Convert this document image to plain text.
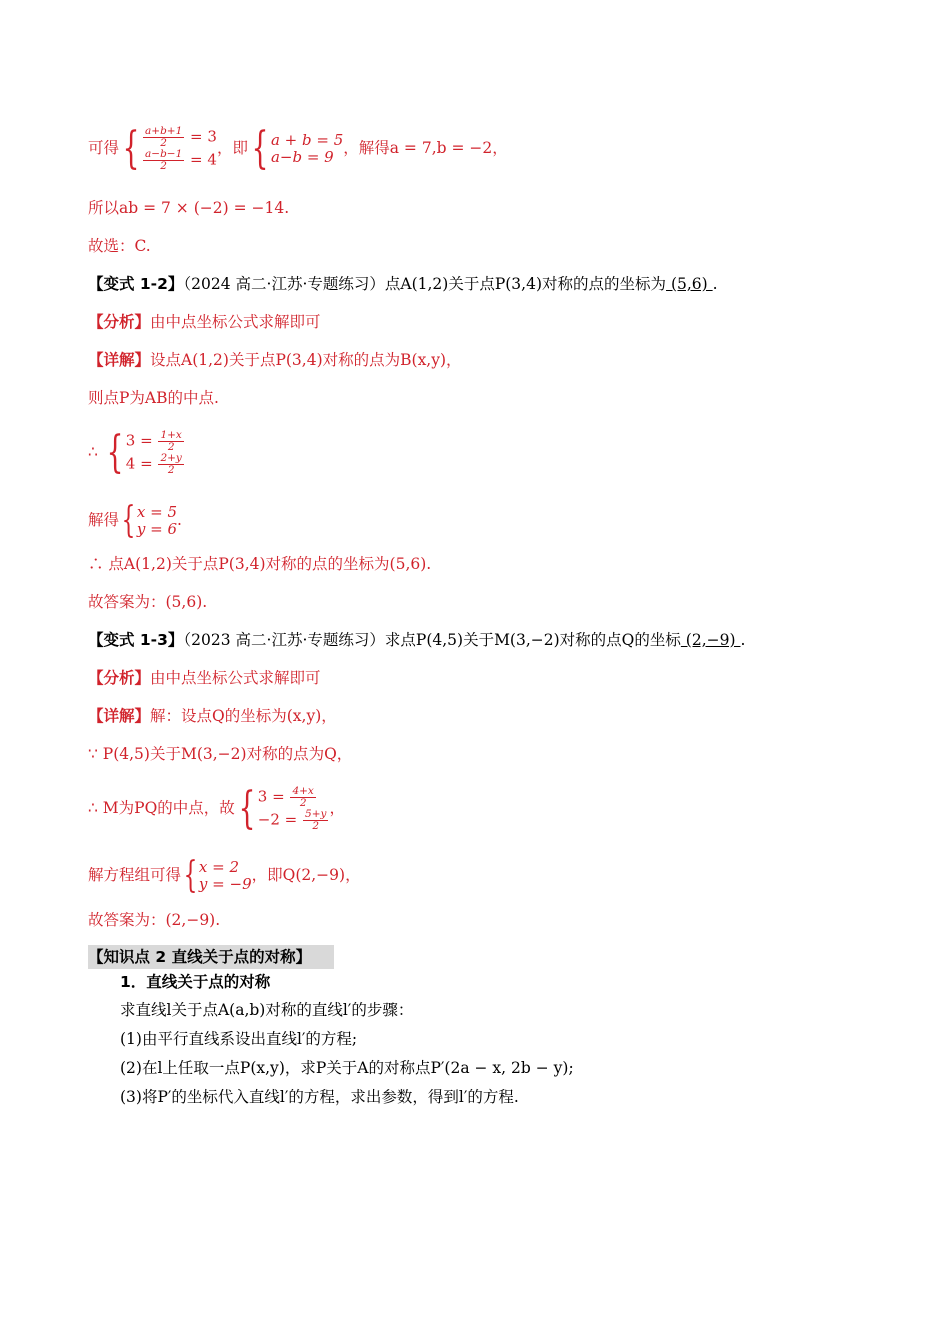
可得{ $\frac{a+b+1}{2} = 3$
$\frac{a-b-1}{2} = 4$
，即{ a + b = 5
a−b = 9 ，解得a = 7,b = −2，
所以ab = 7 × (−2) = −14.
故选：C.
【变式 1-2】（2024 高二·江苏·专题练习）点A(1,2)关于点P(3,4)对称的点的坐标为 (5,6) .
【分析】由中点坐标公式求解即可
【详解】设点A(1,2)关于点P(3,4)对称的点为B(x,y)，
则点P为AB的中点.
∴ { $3 = \frac{1+x}{2}$
$4 = \frac{2+y}{2}$
解得{ x = 5
y = 6 .
∴ 点A(1,2)关于点P(3,4)对称的点的坐标为(5,6).
故答案为：(5,6).
【变式 1-3】（2023 高二·江苏·专题练习）求点P(4,5)关于M(3,−2)对称的点Q的坐标 (2,−9) .
【分析】由中点坐标公式求解即可
【详解】解：设点Q的坐标为(x,y)，
∵ P(4,5)关于M(3,−2)对称的点为Q，
∴ M为PQ的中点，故{ $3 = \frac{4+x}{2}$
$-2 = \frac{5+y}{2}$
，
解方程组可得{ x = 2
y = −9 ，即Q(2,−9)，
故答案为：(2,−9).
【知识点 2 直线关于点的对称】
1．直线关于点的对称
求直线l关于点A(a,b)对称的直线l′的步骤：
(1)由平行直线系设出直线l′的方程;
(2)在l上任取一点P(x,y)，求P关于A的对称点P′(2a − x, 2b − y);
(3)将P′的坐标代入直线l′的方程，求出参数，得到l′的方程.
